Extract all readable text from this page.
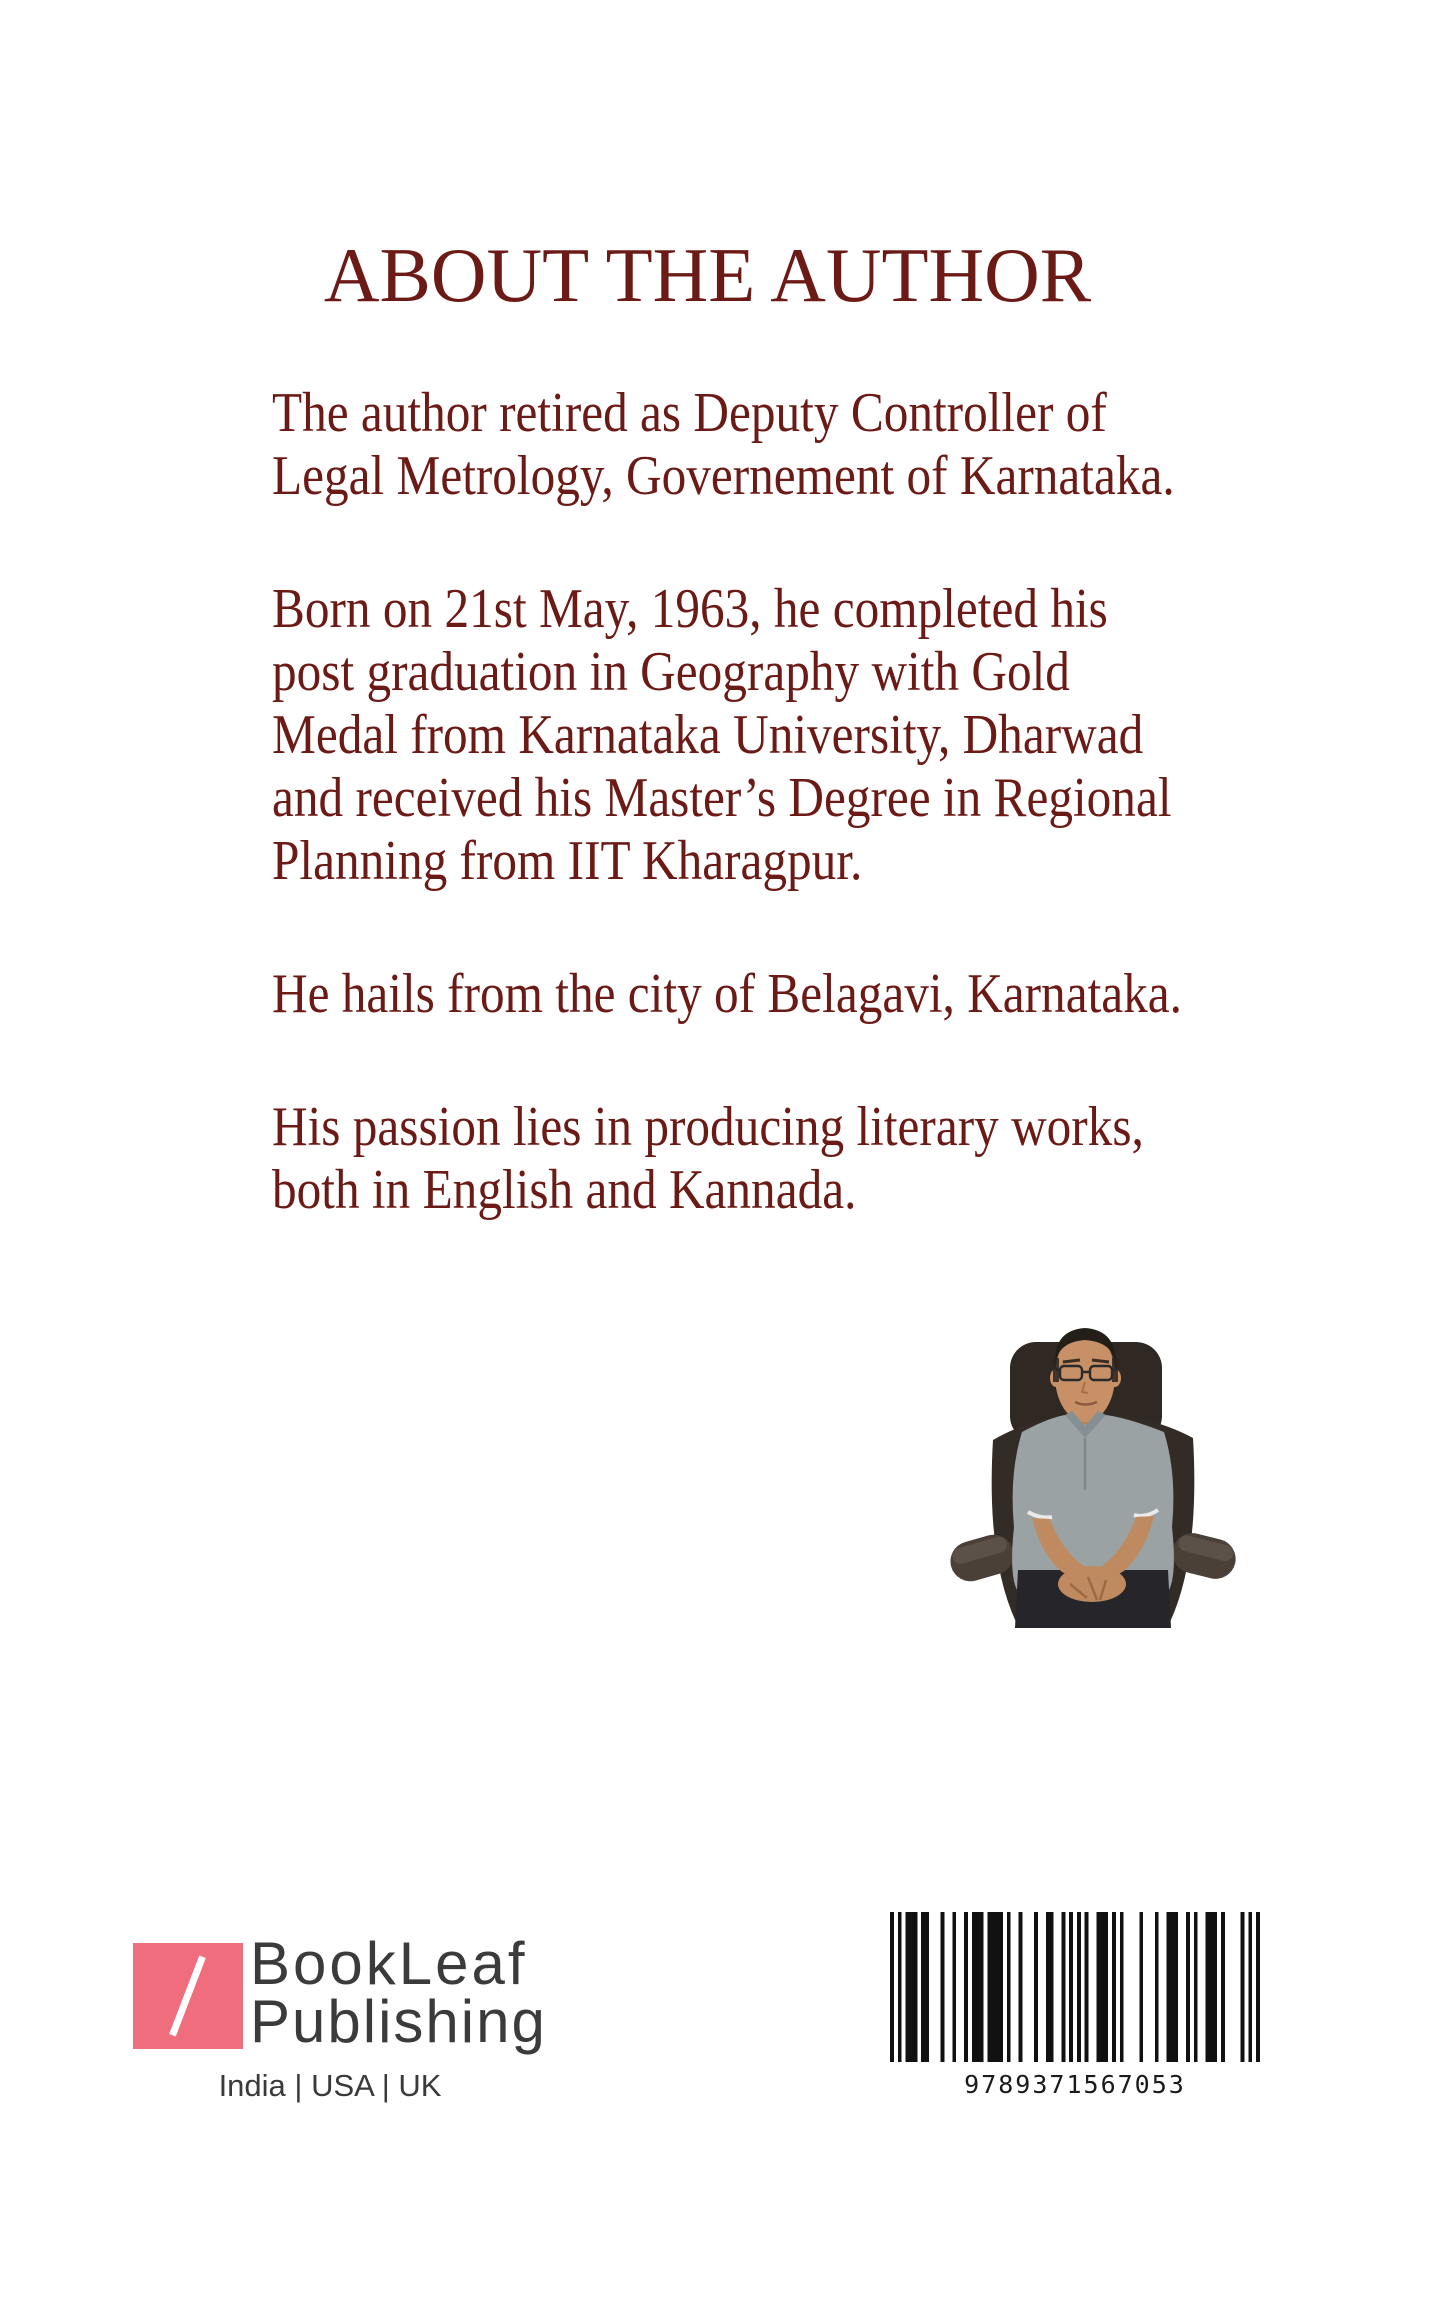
ABOUT THE AUTHOR
The author retired as Deputy Controller of
Legal Metrology, Governement of Karnataka.
Born on 21st May, 1963, he completed his
post graduation in Geography with Gold
Medal from Karnataka University, Dharwad
and received his Master’s Degree in Regional
Planning from IIT Kharagpur.
He hails from the city of Belagavi, Karnataka.
His passion lies in producing literary works,
both in English and Kannada.
BookLeaf
Publishing
India | USA | UK	9789371567053
